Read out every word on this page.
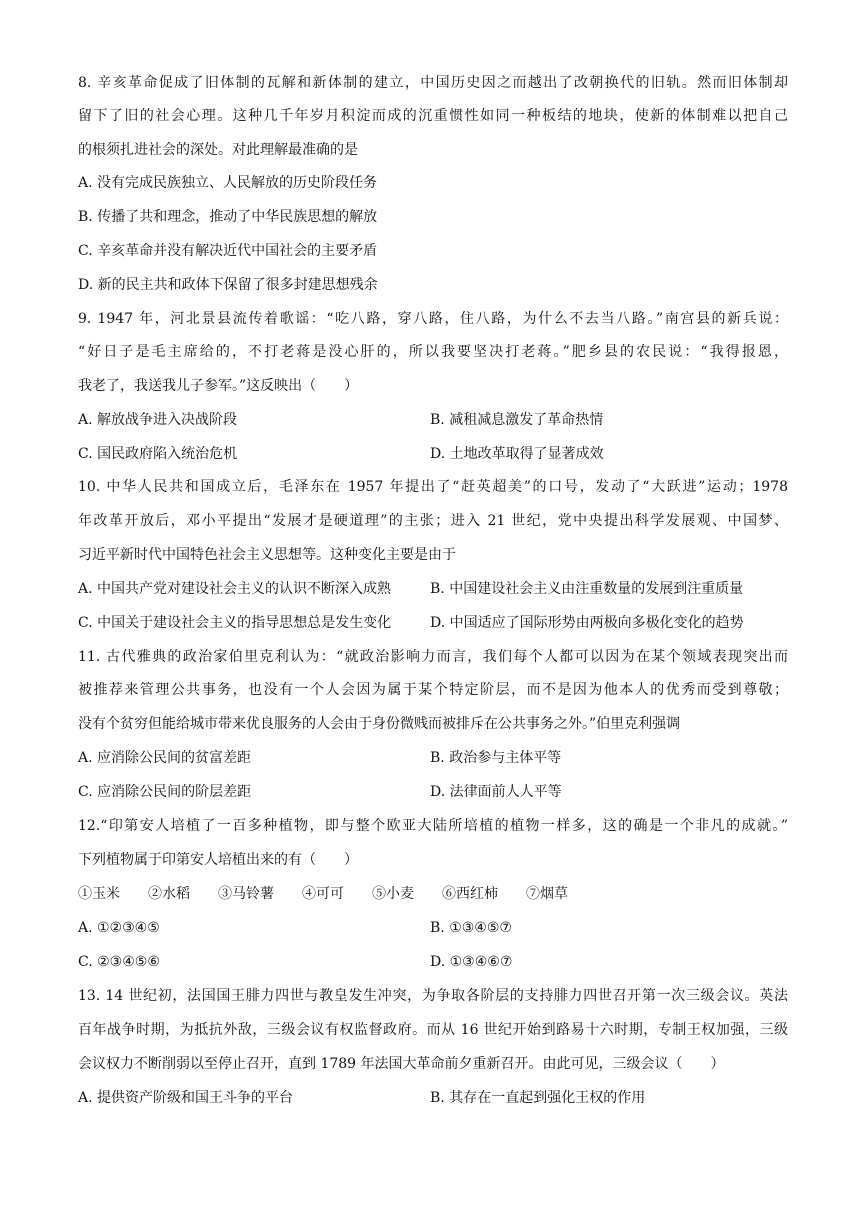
8. 辛亥革命促成了旧体制的瓦解和新体制的建立，中国历史因之而越出了改朝换代的旧轨。然而旧体制却
留下了旧的社会心理。这种几千年岁月积淀而成的沉重惯性如同一种板结的地块，使新的体制难以把自己
的根须扎进社会的深处。对此理解最准确的是
A. 没有完成民族独立、人民解放的历史阶段任务
B. 传播了共和理念，推动了中华民族思想的解放
C. 辛亥革命并没有解决近代中国社会的主要矛盾
D. 新的民主共和政体下保留了很多封建思想残余
9. 1947 年，河北景县流传着歌谣：“吃八路，穿八路，住八路，为什么不去当八路。”南宫县的新兵说：
“好日子是毛主席给的，不打老蒋是没心肝的，所以我要坚决打老蒋。”肥乡县的农民说：“我得报恩，
我老了，我送我儿子参军。”这反映出（　　）
A. 解放战争进入决战阶段	B. 减租减息激发了革命热情
C. 国民政府陷入统治危机	D. 土地改革取得了显著成效
10. 中华人民共和国成立后，毛泽东在 1957 年提出了“赶英超美”的口号，发动了“大跃进”运动；1978
年改革开放后，邓小平提出“发展才是硬道理”的主张；进入 21 世纪，党中央提出科学发展观、中国梦、
习近平新时代中国特色社会主义思想等。这种变化主要是由于
A. 中国共产党对建设社会主义的认识不断深入成熟	B. 中国建设社会主义由注重数量的发展到注重质量
C. 中国关于建设社会主义的指导思想总是发生变化	D. 中国适应了国际形势由两极向多极化变化的趋势
11. 古代雅典的政治家伯里克利认为：“就政治影响力而言，我们每个人都可以因为在某个领域表现突出而
被推荐来管理公共事务，也没有一个人会因为属于某个特定阶层，而不是因为他本人的优秀而受到尊敬；
没有个贫穷但能给城市带来优良服务的人会由于身份微贱而被排斥在公共事务之外。”伯里克利强调
A. 应消除公民间的贫富差距	B. 政治参与主体平等
C. 应消除公民间的阶层差距	D. 法律面前人人平等
12.“印第安人培植了一百多种植物，即与整个欧亚大陆所培植的植物一样多，这的确是一个非凡的成就。”
下列植物属于印第安人培植出来的有（　　）
①玉米　　②水稻　　③马铃薯　　④可可　　⑤小麦　　⑥西红柿　　⑦烟草
A. ①②③④⑤	B. ①③④⑤⑦
C. ②③④⑤⑥	D. ①③④⑥⑦
13. 14 世纪初，法国国王腓力四世与教皇发生冲突，为争取各阶层的支持腓力四世召开第一次三级会议。英法
百年战争时期，为抵抗外敌，三级会议有权监督政府。而从 16 世纪开始到路易十六时期，专制王权加强，三级
会议权力不断削弱以至停止召开，直到 1789 年法国大革命前夕重新召开。由此可见，三级会议（　　）
A. 提供资产阶级和国王斗争的平台	B. 其存在一直起到强化王权的作用
